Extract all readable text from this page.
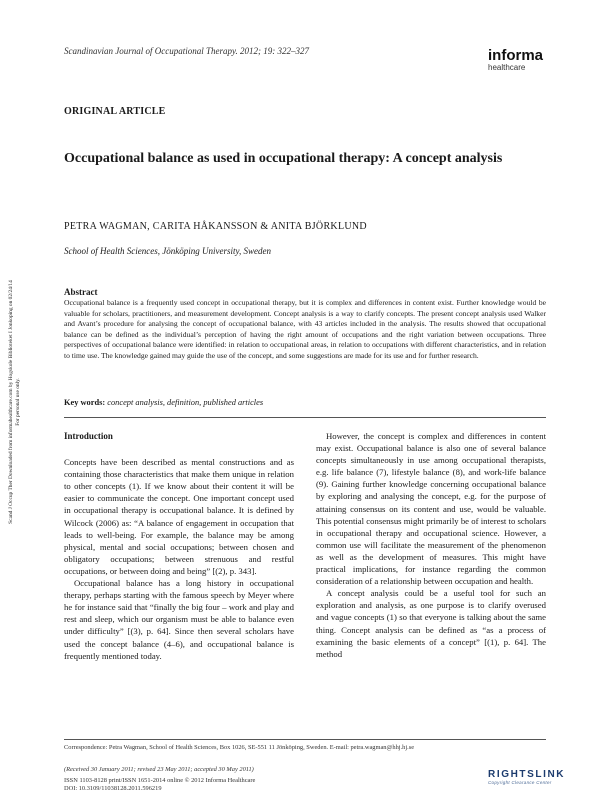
Scandinavian Journal of Occupational Therapy. 2012; 19: 322–327	informa
healthcare
ORIGINAL ARTICLE
Occupational balance as used in occupational therapy: A concept analysis
PETRA WAGMAN, CARITA HÅKANSSON & ANITA BJÖRKLUND
School of Health Sciences, Jönköping University, Sweden
Abstract
Occupational balance is a frequently used concept in occupational therapy, but it is complex and differences in content exist. Further knowledge would be valuable for scholars, practitioners, and measurement development. Concept analysis is a way to clarify concepts. The present concept analysis used Walker and Avant’s procedure for analysing the concept of occupational balance, with 43 articles included in the analysis. The results showed that occupational balance can be defined as the individual’s perception of having the right amount of occupations and the right variation between occupations. Three perspectives of occupational balance were identified: in relation to occupational areas, in relation to occupations with different characteristics, and in relation to time use. The knowledge gained may guide the use of the concept, and some suggestions are made for its use and for further research.
Key words: concept analysis, definition, published articles

Introduction

Concepts have been described as mental constructions and as containing those characteristics that make them unique in relation to other concepts (1). If we know about their content it will be easier to communicate the concept. One important concept used in occupational therapy is occupational balance. It is defined by Wilcock (2006) as: “A balance of engagement in occupation that leads to well-being. For example, the balance may be among physical, mental and social occupations; between chosen and obligatory occupations; between strenuous and restful occupations, or between doing and being” [(2), p. 343].

Occupational balance has a long history in occupational therapy, perhaps starting with the famous speech by Meyer where he for instance said that “finally the big four – work and play and rest and sleep, which our organism must be able to balance even under difficulty” [(3), p. 64]. Since then several scholars have used the concept balance (4–6), and occupational balance is frequently mentioned today.

However, the concept is complex and differences in content may exist. Occupational balance is also one of several balance concepts simultaneously in use among occupational therapists, e.g. life balance (7), lifestyle balance (8), and work-life balance (9). Gaining further knowledge concerning occupational balance by exploring and analysing the concept, e.g. for the purpose of attaining consensus on its content and use, would be valuable. This potential consensus might primarily be of interest to scholars in occupational therapy and occupational science. However, a common use will facilitate the measurement of the phenomenon as well as the development of measures. This might have practical implications, for instance regarding the common consideration of a relationship between occupation and health.

A concept analysis could be a useful tool for such an exploration and analysis, as one purpose is to clarify overused and vague concepts (1) so that everyone is talking about the same thing. Concept analysis can be defined as “as a process of examining the basic elements of a concept” [(1), p. 64]. The method

Correspondence: Petra Wagman, School of Health Sciences, Box 1026, SE-551 11 Jönköping, Sweden. E-mail: petra.wagman@hhj.hj.se
(Received 30 January 2011; revised 23 May 2011; accepted 30 May 2011)
ISSN 1103-8128 print/ISSN 1651-2014 online © 2012 Informa Healthcare
DOI: 10.3109/11038128.2011.596219
Scand J Occup Ther Downloaded from informahealthcare.com by Hogskole Biblioteket I Jonkoping on 02/24/14 For personal use only.
RIGHTSLINK
Copyright Clearance Center
